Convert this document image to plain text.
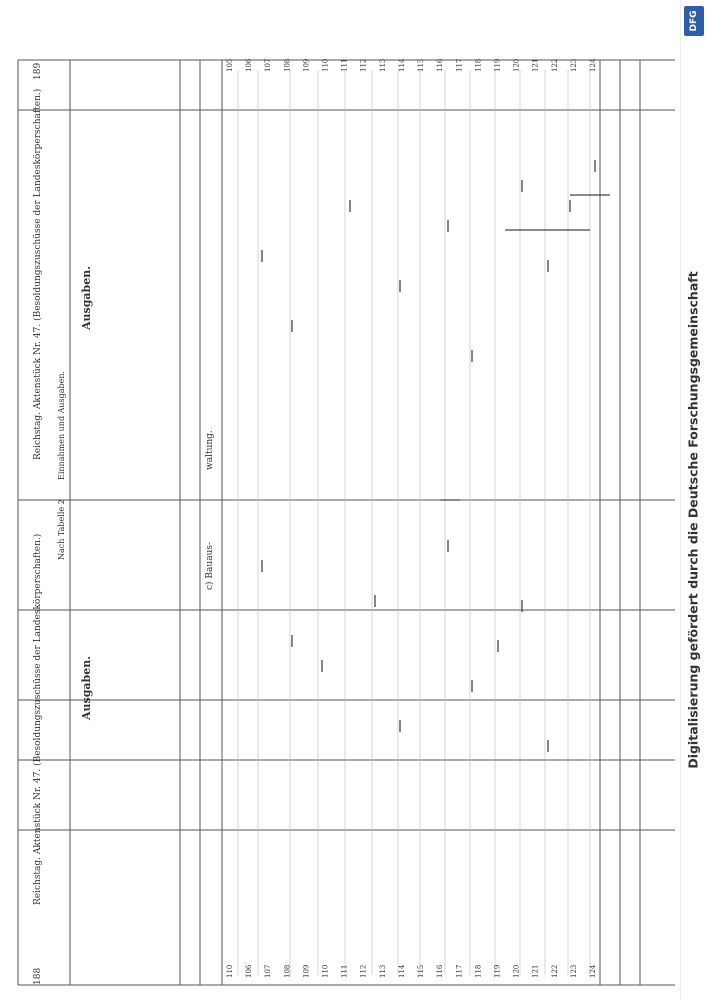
188
Reichstag. Aktenstück Nr. 47. (Besoldungszuschüsse der Landeskörperschaften.)
Nach Tabelle 2
Ausgaben.
c) Bauaus-
189
Reichstag. Aktenstück Nr. 47. (Besoldungszuschüsse der Landeskörperschaften.) Einnahmen und Ausgaben.
Ausgaben.
waltung.
110 106 107 108 109 110 111 112 113 114 115 116 117 118 119 120 121 122 123 124
105 106 107 108 109 110 111 112 113 114 115 116 117 118 119 120 121 122 123 124
DFG
Digitalisierung gefördert durch die Deutsche Forschungsgemeinschaft
